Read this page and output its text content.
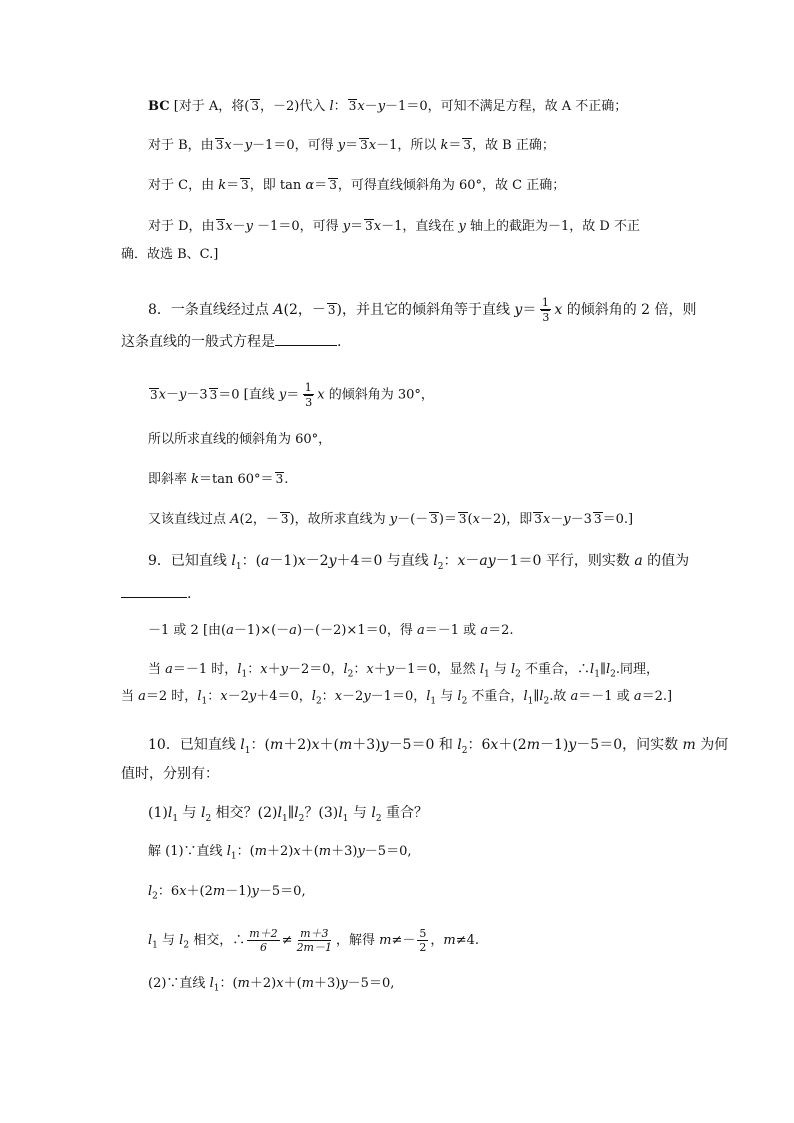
BC [对于 A，将( 3，－2)代入 l： 3x－y－1＝0，可知不满足方程，故 A 不正确；
对于 B，由 3x－y－1＝0，可得 y＝ 3x－1，所以 k＝ 3，故 B 正确；
对于 C，由 k＝ 3，即 tan α＝ 3，可得直线倾斜角为 60°，故 C 正确；
对于 D，由 3x－y －1＝0，可得 y＝ 3x－1，直线在 y 轴上的截距为－1，故 D 不正
确．故选 B、C.]
8．一条直线经过点 A(2，－ 3)，并且它的倾斜角等于直线 $y= \frac{1}{3}$ x 的倾斜角的 2 倍，则
这条直线的一般式方程是	.
3x－y－3 3＝0 [直线 $y= \frac{1}{3}$ x 的倾斜角为 30°，
所以所求直线的倾斜角为 60°，
即斜率 k＝tan 60°＝ 3.
又该直线过点 A(2，－ 3)，故所求直线为 y－(－ 3)＝ 3(x－2)，即 3x－y－3 3＝0.]
9．已知直线 $l_1$：(a－1)x－2y＋4＝0 与直线 $l_2$：x－ay－1＝0 平行，则实数 a 的值为
.
－1 或 2 [由(a－1)×(－a)－(－2)×1＝0，得 a＝－1 或 a＝2.
当 a＝－1 时，$l_1$：x＋y－2＝0，$l_2$：x＋y－1＝0，显然 $l_1$ 与 $l_2$ 不重合，$\therefore l_1\parallel l_2$.同理，
当 a＝2 时，$l_1$：x－2y＋4＝0，$l_2$：x－2y－1＝0，$l_1$ 与 $l_2$ 不重合，$l_1\parallel l_2$.故 a＝－1 或 a＝2.]
10．已知直线 $l_1$：(m＋2)x＋(m＋3)y－5＝0 和 $l_2$：6x＋(2m－1)y－5＝0，问实数 m 为何
值时，分别有：
$(1)l_1$ 与 $l_2$ 相交？$(2)l_1\parallel l_2$？$(3)l_1$ 与 $l_2$ 重合？
解 (1)∵直线 $l_1$：(m＋2)x＋(m＋3)y－5＝0,
$l_2$：6x＋(2m－1)y－5＝0,
$l_1$ 与 $l_2$ 相交，∴ $\frac{m+2}{6} \ne \frac{m+3}{2m-1}$ ，解得 $m\ne- \frac{5}{2}$ ，m≠4.
(2)∵直线 $l_1$：(m＋2)x＋(m＋3)y－5＝0,
